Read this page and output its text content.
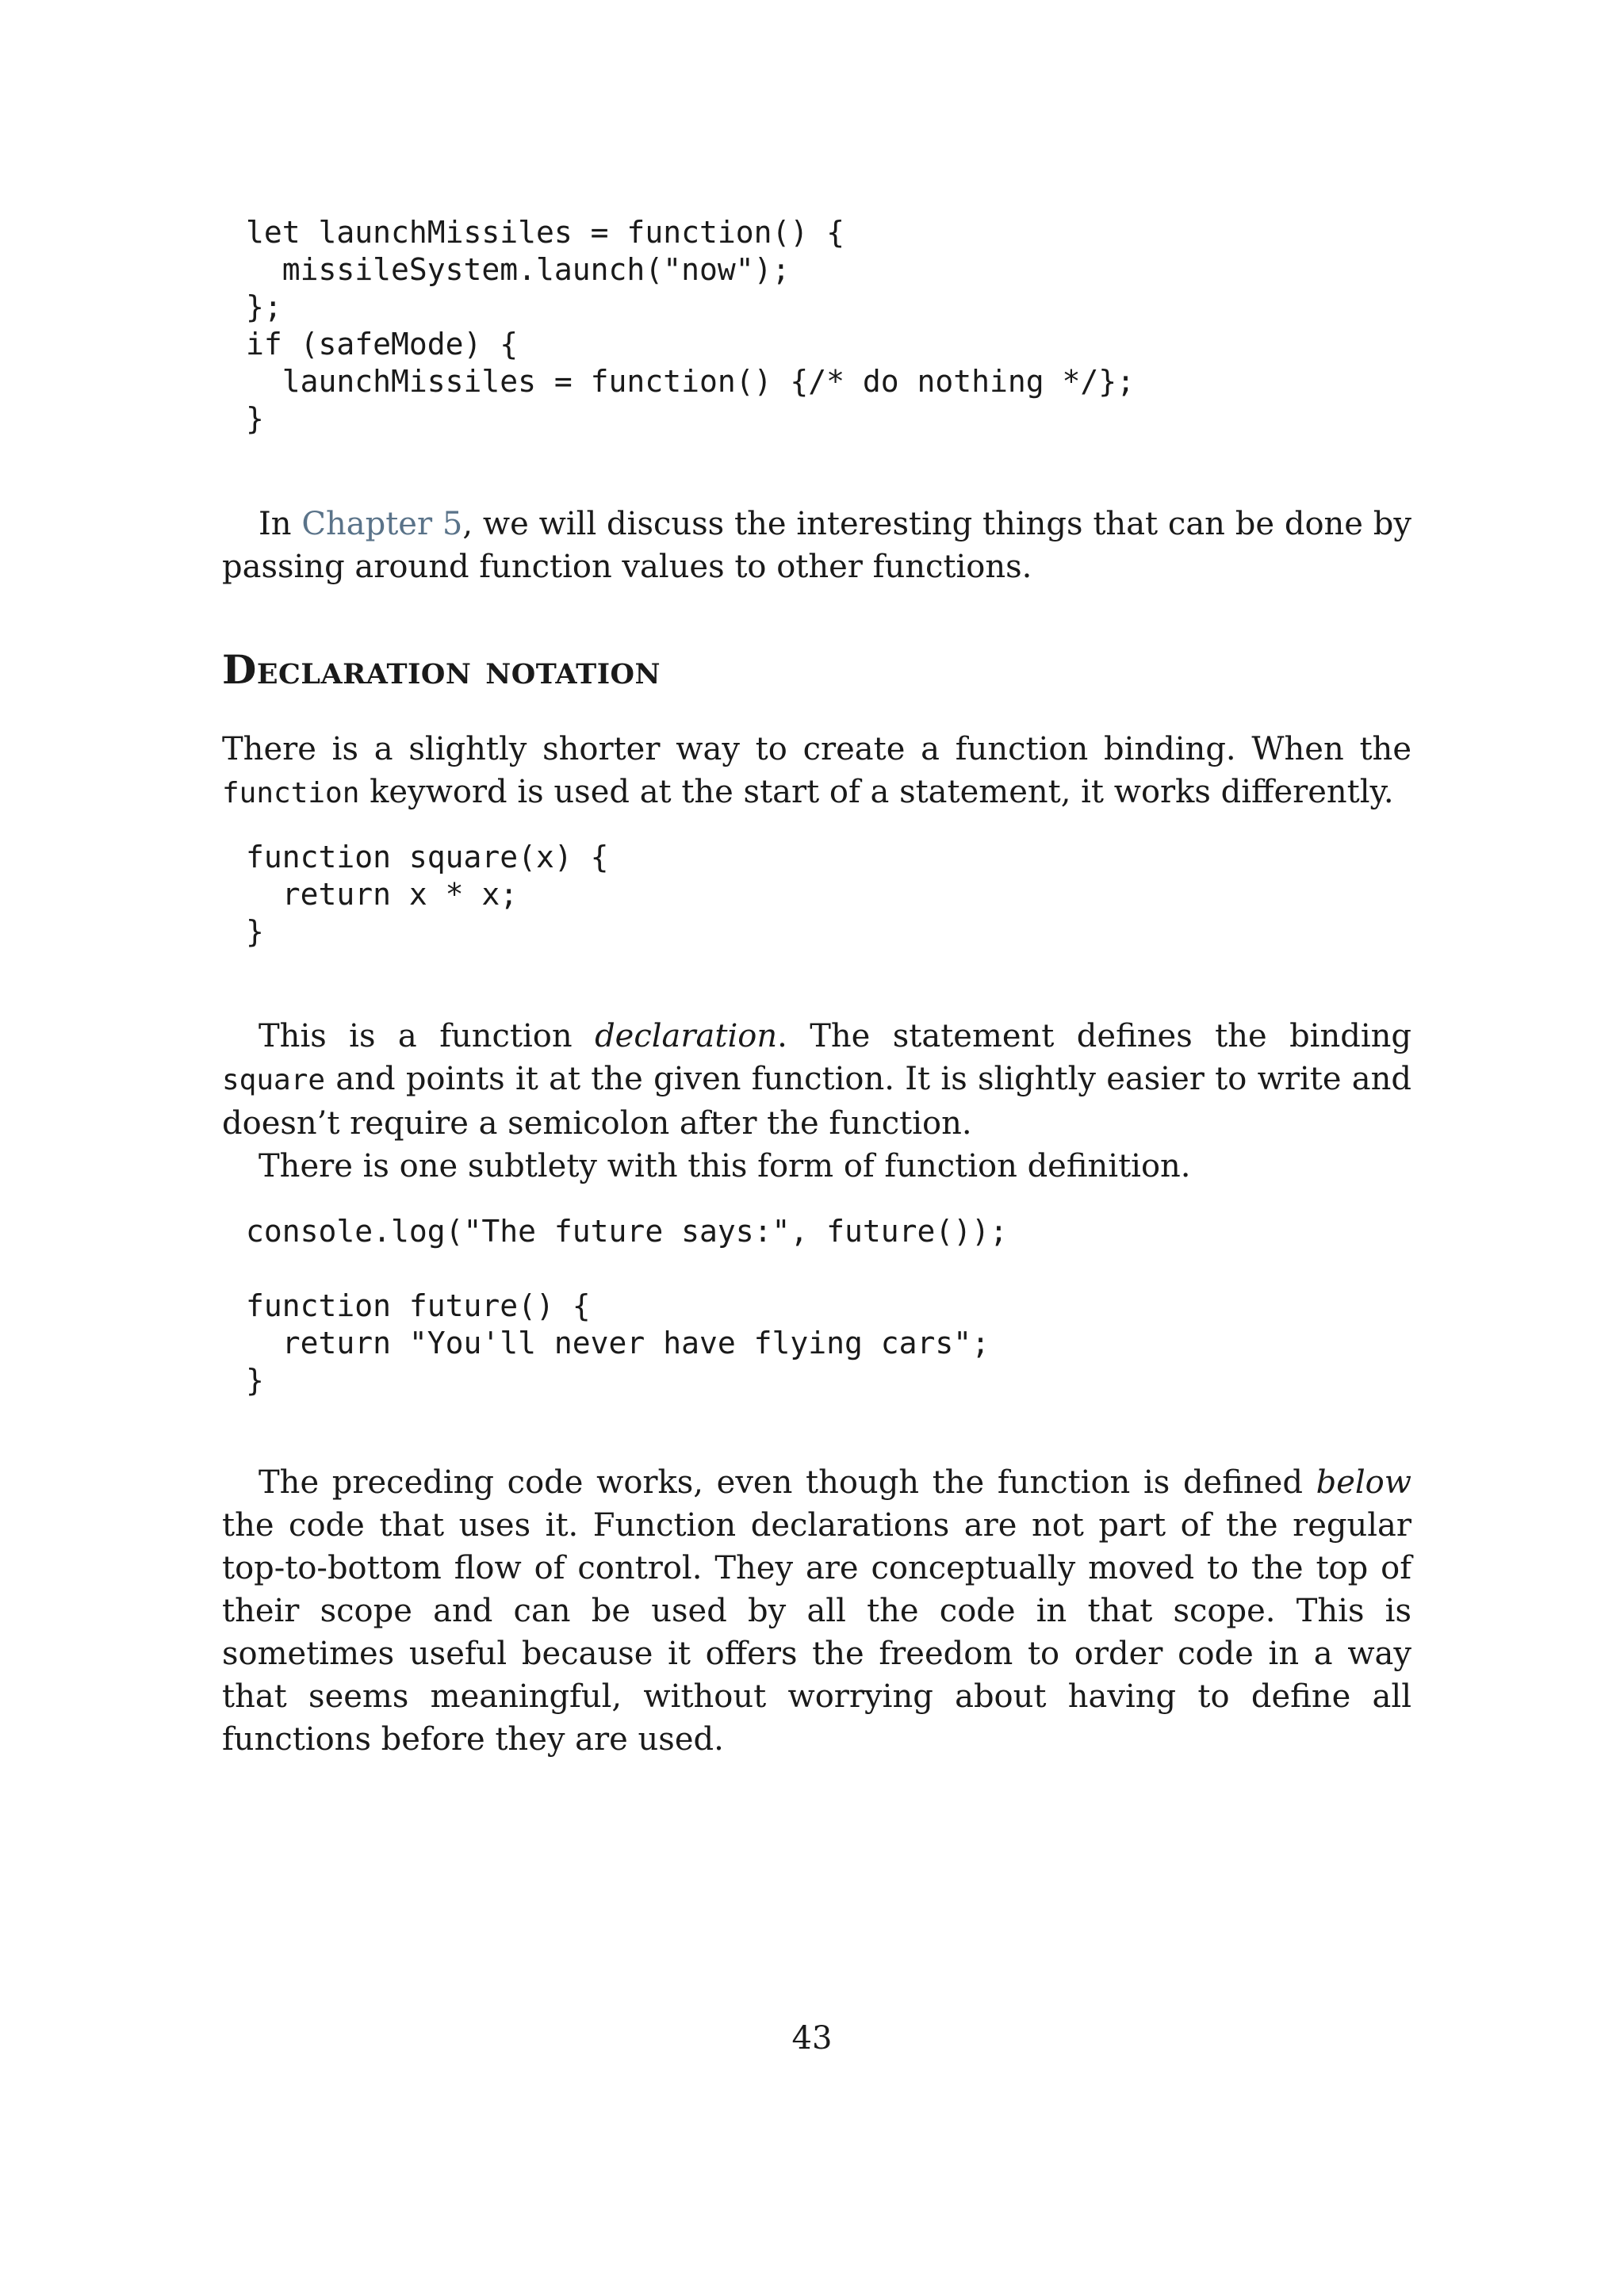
let launchMissiles = function() {
missileSystem.launch("now");
};
if (safeMode) {
launchMissiles = function() {/* do nothing */};
}

In Chapter 5, we will discuss the interesting things that can be done by passing around function values to other functions.

Declaration notation

There is a slightly shorter way to create a function binding. When the function keyword is used at the start of a statement, it works differently.

function square(x) {
return x * x;
}

This is a function declaration. The statement defines the binding square and points it at the given function. It is slightly easier to write and doesn’t require a semicolon after the function.

There is one subtlety with this form of function definition.

console.log("The future says:", future());

function future() {
return "You'll never have flying cars";
}

The preceding code works, even though the function is defined below the code that uses it. Function declarations are not part of the regular top-to-bottom flow of control. They are conceptually moved to the top of their scope and can be used by all the code in that scope. This is sometimes useful because it offers the freedom to order code in a way that seems meaningful, without worrying about having to define all functions before they are used.

43
